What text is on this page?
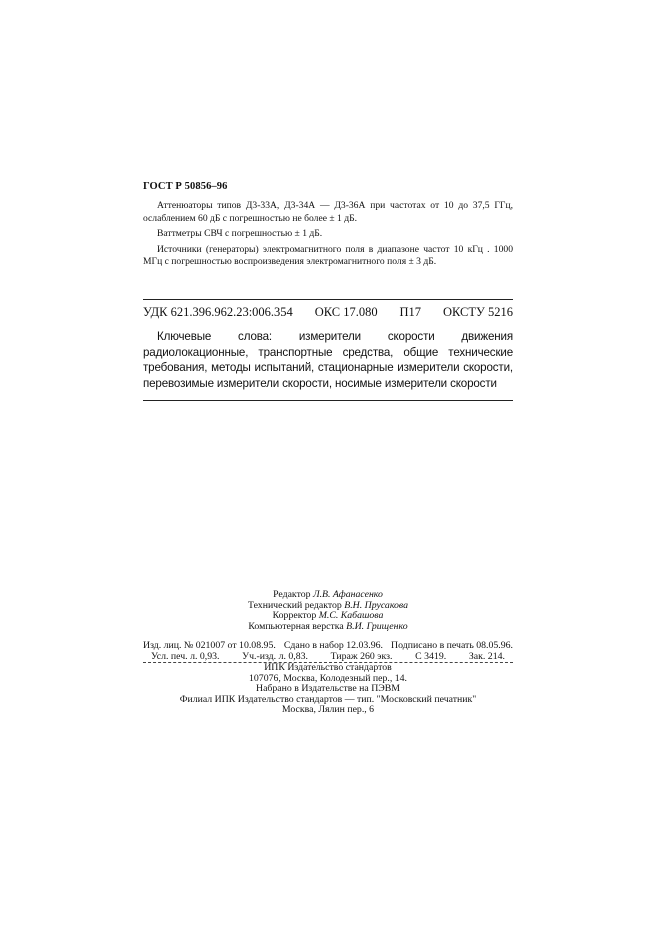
ГОСТ Р 50856–96

Аттенюаторы типов Д3-33А, Д3-34А — Д3-36А при частотах от 10 до 37,5 ГГц, ослаблением 60 дБ с погрешностью не более ± 1 дБ.

Ваттметры СВЧ с погрешностью ± 1 дБ.

Источники (генераторы) электромагнитного поля в диапазоне частот 10 кГц . 1000 МГц с погрешностью воспроизведения электромагнитного поля ± 3 дБ.

УДК 621.396.962.23:006.354 ОКС 17.080 П17 ОКСТУ 5216
Ключевые слова: измерители скорости движения радиолокационные, транспортные средства, общие технические требования, методы испытаний, стационарные измерители скорости, перевозимые измерители скорости, носимые измерители скорости
Редактор Л.В. Афанасенко
Технический редактор В.Н. Прусакова
Корректор М.С. Кабашова
Компьютерная верстка В.И. Грищенко
Изд. лиц. № 021007 от 10.08.95. Сдано в набор 12.03.96. Подписано в печать 08.05.96.
Усл. печ. л. 0,93. Уч.-изд. л. 0,83. Тираж 260 экз. С 3419. Зак. 214.
ИПК Издательство стандартов
107076, Москва, Колодезный пер., 14.
Набрано в Издательстве на ПЭВМ
Филиал ИПК Издательство стандартов — тип. "Московский печатник"
Москва, Лялин пер., 6
